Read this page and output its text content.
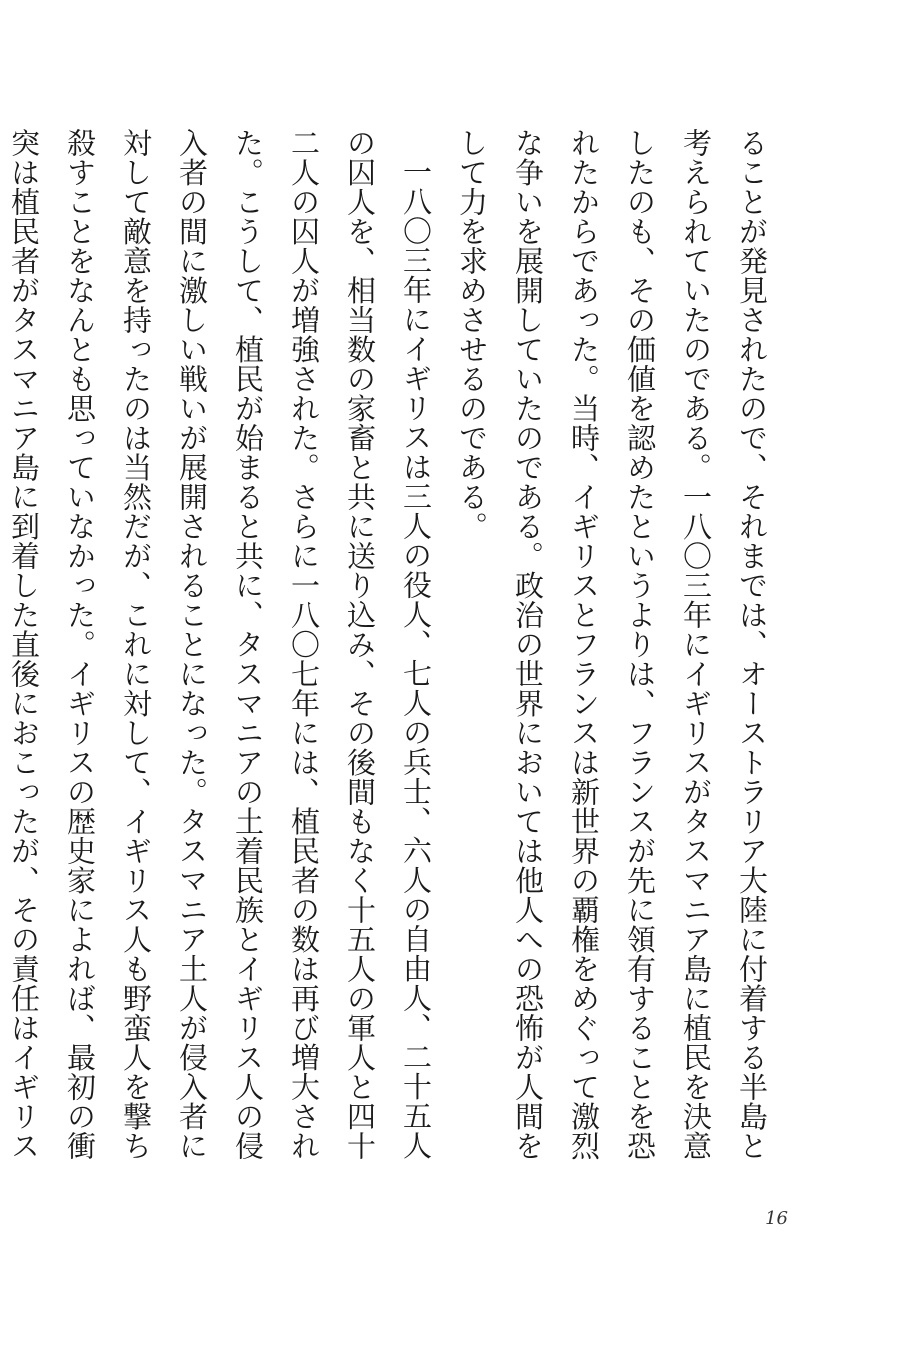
ることが発見されたので、それまでは、オーストラリア大陸に付着する半島と考えられていたのである。一八〇三年にイギリスがタスマニア島に植民を決意したのも、その価値を認めたというよりは、フランスが先に領有することを恐れたからであった。当時、イギリスとフランスは新世界の覇権をめぐって激烈な争いを展開していたのである。政治の世界においては他人への恐怖が人間をして力を求めさせるのである。

一八〇三年にイギリスは三人の役人、七人の兵士、六人の自由人、二十五人の囚人を、相当数の家畜と共に送り込み、その後間もなく十五人の軍人と四十二人の囚人が増強された。さらに一八〇七年には、植民者の数は再び増大された。こうして、植民が始まると共に、タスマニアの土着民族とイギリス人の侵入者の間に激しい戦いが展開されることになった。タスマニア土人が侵入者に対して敵意を持ったのは当然だが、これに対して、イギリス人も野蛮人を撃ち殺すことをなんとも思っていなかった。イギリスの歴史家によれば、最初の衝突は植民者がタスマニア島に到着した直後におこったが、その責任はイギリス

16
